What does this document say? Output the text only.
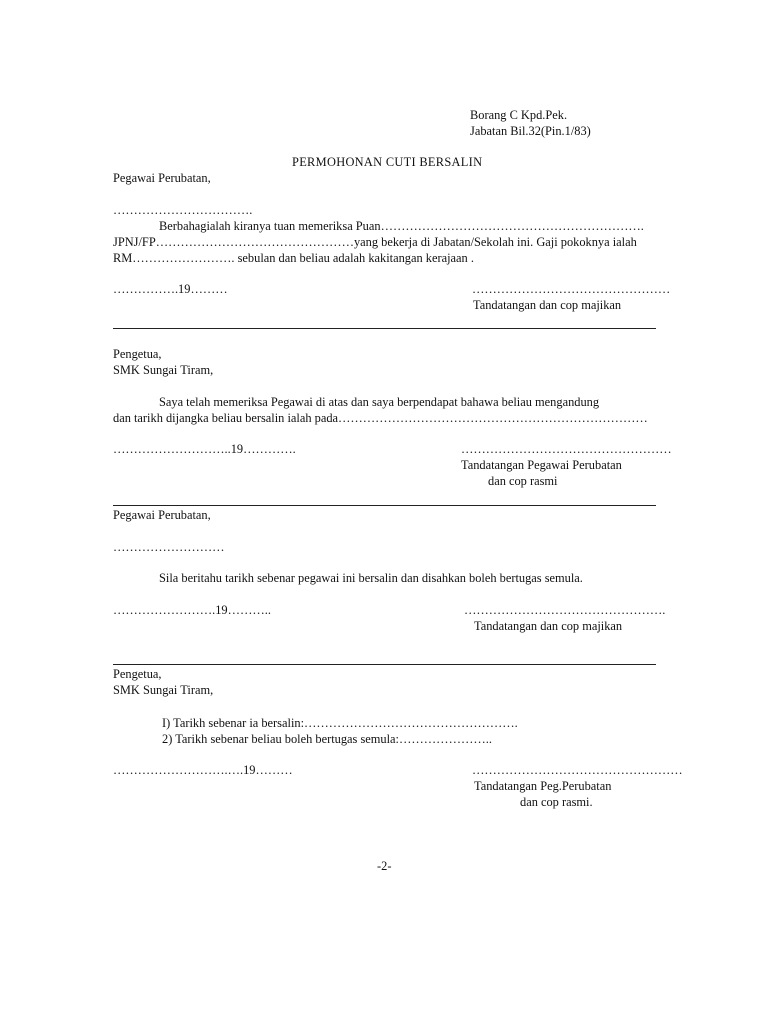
Borang C Kpd.Pek.
Jabatan Bil.32(Pin.1/83)
PERMOHONAN CUTI BERSALIN
Pegawai Perubatan,
…………………………….
Berbahagialah kiranya tuan memeriksa Puan……………………………………………………….
JPNJ/FP…………………………………………yang bekerja di Jabatan/Sekolah ini. Gaji pokoknya ialah
RM……………………. sebulan dan beliau adalah kakitangan kerajaan .
…………….19………	…………………………………………
Tandatangan dan cop majikan
Pengetua,
SMK Sungai Tiram,
Saya telah memeriksa Pegawai di atas dan saya berpendapat bahawa beliau mengandung
dan tarikh dijangka beliau bersalin ialah pada…………………………………………………………………
………………………..19………….	……………………………………………
Tandatangan Pegawai Perubatan
dan cop rasmi
Pegawai Perubatan,
………………………
Sila beritahu tarikh sebenar pegawai ini bersalin dan disahkan boleh bertugas semula.
…………………….19………..	………………………………………….
Tandatangan dan cop majikan
Pengetua,
SMK Sungai Tiram,
I) Tarikh sebenar ia bersalin:…………………………………………….
2) Tarikh sebenar beliau boleh bertugas semula:…………………..
……………………….….19………	……………………………………………
Tandatangan Peg.Perubatan
dan cop rasmi.
-2-
